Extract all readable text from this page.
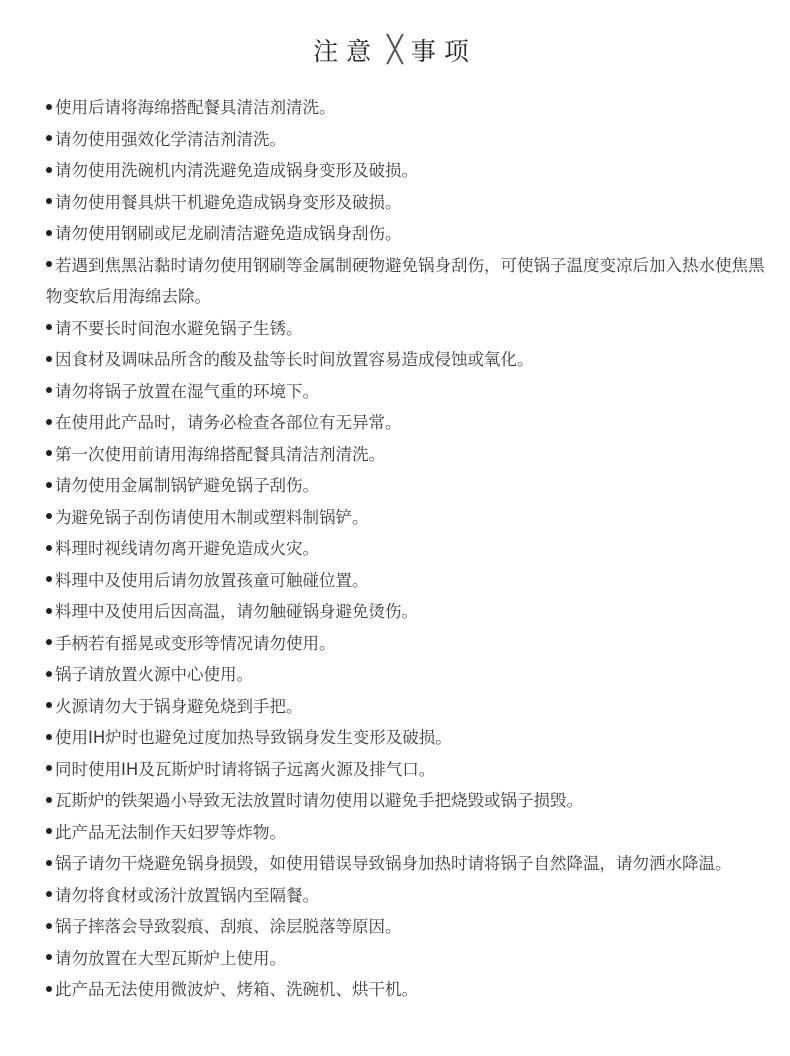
注意 ╳ 事项
使用后请将海绵搭配餐具清洁剂清洗。
请勿使用强效化学清洁剂清洗。
请勿使用洗碗机内清洗避免造成锅身变形及破损。
请勿使用餐具烘干机避免造成锅身变形及破损。
请勿使用钢刷或尼龙刷清洁避免造成锅身刮伤。
若遇到焦黑沾黏时请勿使用钢刷等金属制硬物避免锅身刮伤，可使锅子温度变凉后加入热水使焦黑物变软后用海绵去除。
请不要长时间泡水避免锅子生锈。
因食材及调味品所含的酸及盐等长时间放置容易造成侵蚀或氧化。
请勿将锅子放置在湿气重的环境下。
在使用此产品时，请务必检查各部位有无异常。
第一次使用前请用海绵搭配餐具清洁剂清洗。
请勿使用金属制锅铲避免锅子刮伤。
为避免锅子刮伤请使用木制或塑料制锅铲。
料理时视线请勿离开避免造成火灾。
料理中及使用后请勿放置孩童可触碰位置。
料理中及使用后因高温，请勿触碰锅身避免烫伤。
手柄若有摇晃或变形等情况请勿使用。
锅子请放置火源中心使用。
火源请勿大于锅身避免烧到手把。
使用IH炉时也避免过度加热导致锅身发生变形及破损。
同时使用IH及瓦斯炉时请将锅子远离火源及排气口。
瓦斯炉的铁架過小导致无法放置时请勿使用以避免手把烧毁或锅子损毁。
此产品无法制作天妇罗等炸物。
锅子请勿干烧避免锅身损毁，如使用错误导致锅身加热时请将锅子自然降温，请勿洒水降温。
请勿将食材或汤汁放置锅内至隔餐。
锅子摔落会导致裂痕、刮痕、涂层脱落等原因。
请勿放置在大型瓦斯炉上使用。
此产品无法使用微波炉、烤箱、洗碗机、烘干机。
